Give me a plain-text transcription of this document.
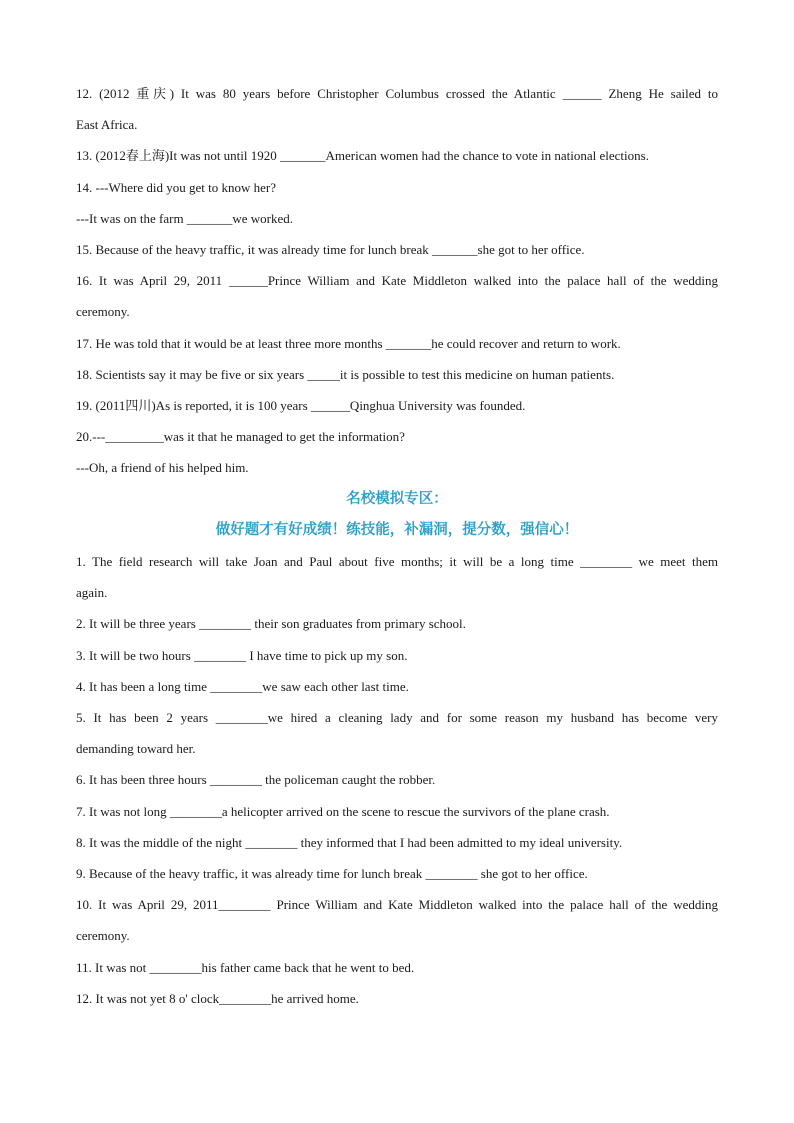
12. (2012 重庆) It was 80 years before Christopher Columbus crossed the Atlantic ______ Zheng He sailed to
East Africa.
13. (2012春上海)It was not until 1920 _______American women had the chance to vote in national elections.
14. ---Where did you get to know her?
---It was on the farm _______we worked.
15. Because of the heavy traffic, it was already time for lunch break _______she got to her office.
16. It was April 29, 2011 ______Prince William and Kate Middleton walked into the palace hall of the wedding
ceremony.
17. He was told that it would be at least three more months _______he could recover and return to work.
18. Scientists say it may be five or six years _____it is possible to test this medicine on human patients.
19. (2011四川)As is reported, it is 100 years ______Qinghua University was founded.
20.---_________was it that he managed to get the information?
---Oh, a friend of his helped him.
名校模拟专区：
做好题才有好成绩！练技能，补漏洞，提分数，强信心！
1. The field research will take Joan and Paul about five months; it will be a long time ________ we meet them
again.
2. It will be three years ________ their son graduates from primary school.
3. It will be two hours ________ I have time to pick up my son.
4. It has been a long time ________we saw each other last time.
5. It has been 2 years ________we hired a cleaning lady and for some reason my husband has become very
demanding toward her.
6. It has been three hours ________ the policeman caught the robber.
7. It was not long ________a helicopter arrived on the scene to rescue the survivors of the plane crash.
8. It was the middle of the night ________ they informed that I had been admitted to my ideal university.
9. Because of the heavy traffic, it was already time for lunch break ________ she got to her office.
10. It was April 29, 2011________ Prince William and Kate Middleton walked into the palace hall of the wedding
ceremony.
11. It was not ________his father came back that he went to bed.
12. It was not yet 8 o' clock________he arrived home.
